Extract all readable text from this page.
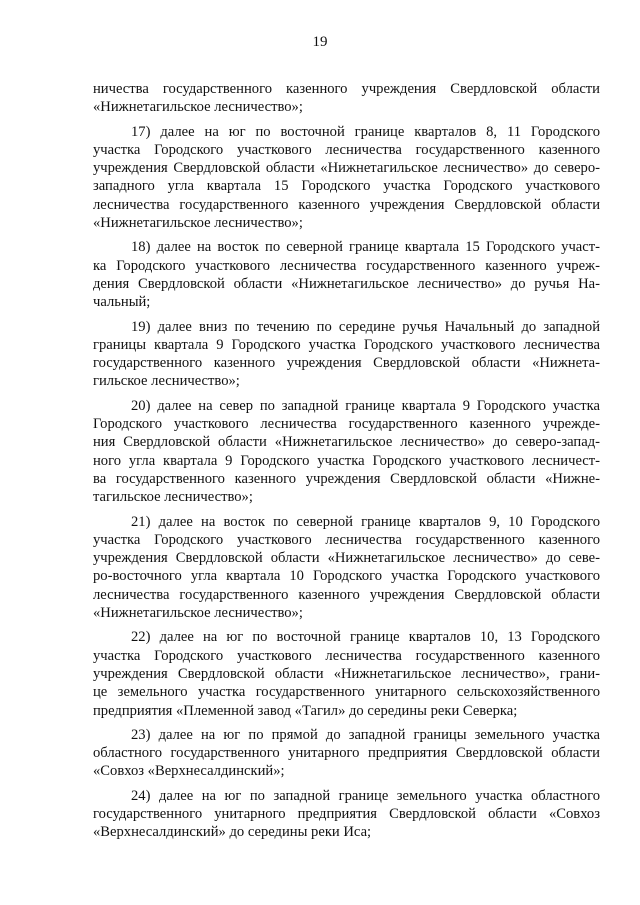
19

ничества государственного казенного учреждения Свердловской области
«Нижнетагильское лесничество»;

17) далее на юг по восточной границе кварталов 8, 11 Городского
участка Городского участкового лесничества государственного казенного
учреждения Свердловской области «Нижнетагильское лесничество» до северо-
западного угла квартала 15 Городского участка Городского участкового
лесничества государственного казенного учреждения Свердловской области
«Нижнетагильское лесничество»;

18) далее на восток по северной границе квартала 15 Городского участ-
ка Городского участкового лесничества государственного казенного учреж-
дения Свердловской области «Нижнетагильское лесничество» до ручья На-
чальный;

19) далее вниз по течению по середине ручья Начальный до западной
границы квартала 9 Городского участка Городского участкового лесничества
государственного казенного учреждения Свердловской области «Нижнета-
гильское лесничество»;

20) далее на север по западной границе квартала 9 Городского участка
Городского участкового лесничества государственного казенного учрежде-
ния Свердловской области «Нижнетагильское лесничество» до северо-запад-
ного угла квартала 9 Городского участка Городского участкового лесничест-
ва государственного казенного учреждения Свердловской области «Нижне-
тагильское лесничество»;

21) далее на восток по северной границе кварталов 9, 10 Городского
участка Городского участкового лесничества государственного казенного
учреждения Свердловской области «Нижнетагильское лесничество» до севе-
ро-восточного угла квартала 10 Городского участка Городского участкового
лесничества государственного казенного учреждения Свердловской области
«Нижнетагильское лесничество»;

22) далее на юг по восточной границе кварталов 10, 13 Городского
участка Городского участкового лесничества государственного казенного
учреждения Свердловской области «Нижнетагильское лесничество», грани-
це земельного участка государственного унитарного сельскохозяйственного
предприятия «Племенной завод «Тагил» до середины реки Северка;

23) далее на юг по прямой до западной границы земельного участка
областного государственного унитарного предприятия Свердловской области
«Совхоз «Верхнесалдинский»;

24) далее на юг по западной границе земельного участка областного
государственного унитарного предприятия Свердловской области «Совхоз
«Верхнесалдинский» до середины реки Иса;
